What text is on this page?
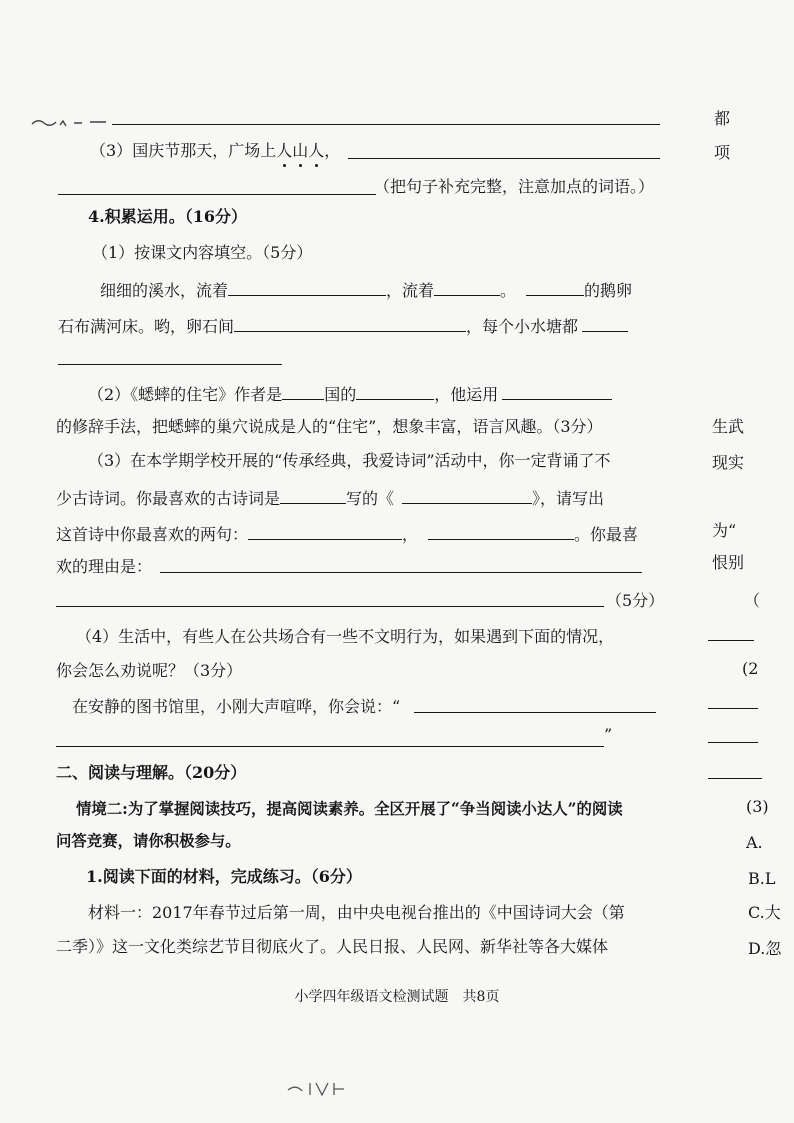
（3）国庆节那天，广场上人山人，
（把句子补充完整，注意加点的词语。）
4.积累运用。（16分）
（1）按课文内容填空。（5分）
细细的溪水，流着	，流着	。	的鹅卵
石布满河床。哟，卵石间	，每个小水塘都
（2）《蟋蟀的住宅》作者是	国的	，他运用
的修辞手法，把蟋蟀的巢穴说成是人的“住宅”，想象丰富，语言风趣。（3分）
（3）在本学期学校开展的“传承经典，我爱诗词”活动中，你一定背诵了不
少古诗词。你最喜欢的古诗词是	写的《	》，请写出
这首诗中你最喜欢的两句：	，	。你最喜
欢的理由是：
（5分）
（4）生活中，有些人在公共场合有一些不文明行为，如果遇到下面的情况，
你会怎么劝说呢？（3分）
在安静的图书馆里，小刚大声喧哗，你会说：“
”
二、阅读与理解。（20分）
情境二:为了掌握阅读技巧，提高阅读素养。全区开展了“争当阅读小达人”的阅读
问答竞赛，请你积极参与。
1.阅读下面的材料，完成练习。（6分）
材料一：2017年春节过后第一周，由中央电视台推出的《中国诗词大会（第
二季）》这一文化类综艺节目彻底火了。人民日报、人民网、新华社等各大媒体
小学四年级语文检测试题　共8页
都
项
生武
现实
为“
恨别
（
(2
(3)
A.
B.L
C.大
D.忽
